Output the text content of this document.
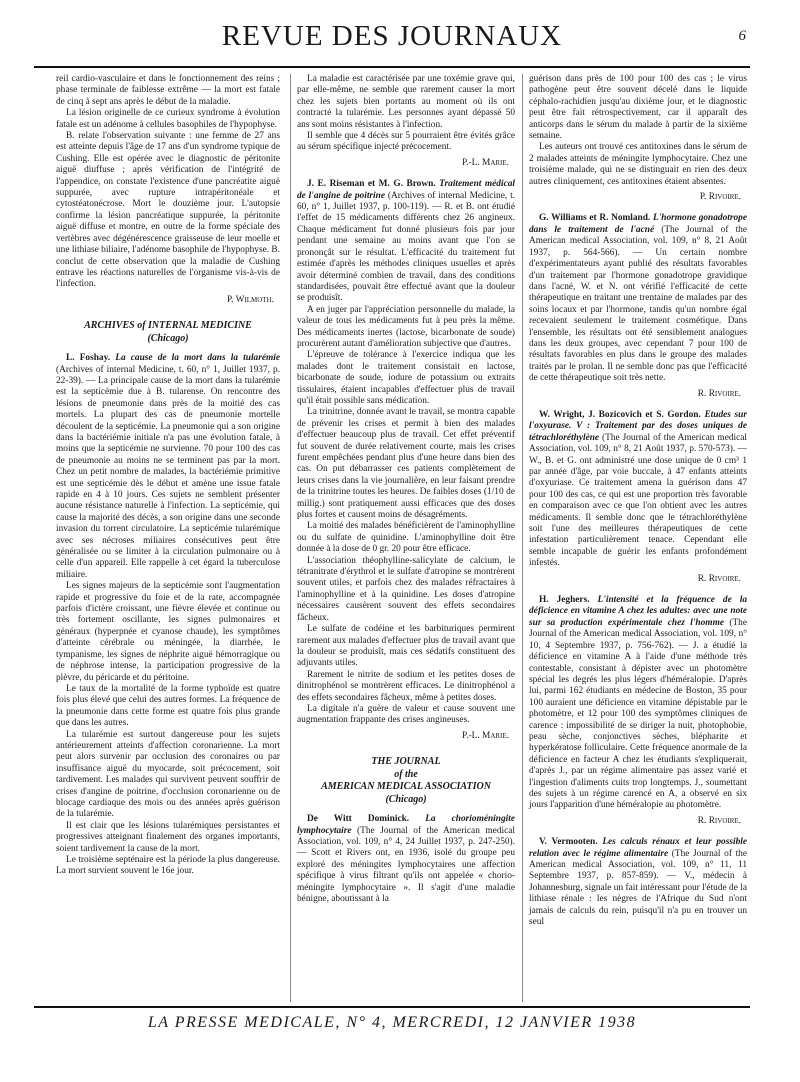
REVUE DES JOURNAUX	6

reil cardio-vasculaire et dans le fonctionnement des reins ; phase terminale de faiblesse extrême — la mort est fatale de cinq à sept ans après le début de la maladie.

La lésion originelle de ce curieux syndrome à évolution fatale est un adénome à cellules basophiles de l'hypophyse.

B. relate l'observation suivante : une femme de 27 ans est atteinte depuis l'âge de 17 ans d'un syndrome typique de Cushing. Elle est opérée avec le diagnostic de péritonite aiguë diuffuse ; après vérification de l'intégrité de l'appendice, on constate l'existence d'une pancréatite aiguë suppurée, avec rupture intrapéritonéale et cytostéatonécrose. Mort le douzième jour. L'autopsie confirme la lésion pancréatique suppurée, la péritonite aiguë diffuse et montre, en outre de la forme spéciale des vertèbres avec dégénérescence graisseuse de leur moelle et une lithiase biliaire, l'adénome basophile de l'hypophyse. B. conclut de cette observation que la maladie de Cushing entrave les réactions naturelles de l'organisme vis-à-vis de l'infection.

P. Wilmoth.

ARCHIVES of INTERNAL MEDICINE
(Chicago)

L. Foshay. La cause de la mort dans la tularémie (Archives of internal Medicine, t. 60, n° 1, Juillet 1937, p. 22-39). — La principale cause de la mort dans la tularémie est la septicémie due à B. tularense. On rencontre des lésions de pneumonie dans près de la moitié des cas mortels. La plupart des cas de pneumonie mortelle découlent de la septicémie. La pneumonie qui a son origine dans la bactériémie initiale n'a pas une évolution fatale, à moins que la septicémie ne survienne. 70 pour 100 des cas de pneumonie au moins ne se terminent pas par la mort. Chez un petit nombre de malades, la bactériémie primitive est une septicémie dès le début et amène une issue fatale rapide en 4 à 10 jours. Ces sujets ne semblent présenter aucune résistance naturelle à l'infection. La septicémie, qui cause la majorité des décès, a son origine dans une seconde invasion du torrent circulatoire. La septicémie tularémique avec ses nécroses miliaires consécutives peut être généralisée ou se limiter à la circulation pulmonaire ou à celle d'un appareil. Elle rappelle à cet égard la tuberculose miliaire.

Les signes majeurs de la septicémie sont l'augmentation rapide et progressive du foie et de la rate, accompagnée parfois d'ictère croissant, une fièvre élevée et continue ou très fortement oscillante, les signes pulmonaires et généraux (hyperpnée et cyanose chaude), les symptômes d'atteinte cérébrale ou méningée, la diarrhée, le tympanisme, les signes de néphrite aiguë hémorragique ou de néphrose intense, la participation progressive de la plèvre, du péricarde et du péritoine.

Le taux de la mortalité de la forme typhoïde est quatre fois plus élevé que celui des autres formes. La fréquence de la pneumonie dans cette forme est quatre fois plus grande que dans les autres.

La tularémie est surtout dangereuse pour les sujets antérieurement atteints d'affection coronarienne. La mort peut alors survenir par occlusion des coronaires ou par insuffisance aiguë du myocarde, soit précocement, soit tardivement. Les malades qui survivent peuvent souffrir de crises d'angine de poitrine, d'occlusion coronarienne ou de blocage cardiaque des mois ou des années après guérison de la tularémie.

Il est clair que les lésions tularémiques persistantes et progressives atteignant finalement des organes importants, soient tardivement la cause de la mort.

Le troisième septénaire est la période la plus dangereuse. La mort survient souvent le 16e jour.

La maladie est caractérisée par une toxémie grave qui, par elle-même, ne semble que rarement causer la mort chez les sujets bien portants au moment où ils ont contracté la tularémie. Les personnes ayant dépassé 50 ans sont moins résistantes à l'infection.

Il semble que 4 décès sur 5 pourraient être évités grâce au sérum spécifique injecté précocement.

P.-L. Marie.

J. E. Riseman et M. G. Brown. Traitement médical de l'angine de poitrine (Archives of internal Medicine, t. 60, n° 1, Juillet 1937, p. 100-119). — R. et B. ont étudié l'effet de 15 médicaments différents chez 26 angineux. Chaque médicament fut donné plusieurs fois par jour pendant une semaine au moins avant que l'on se prononçât sur le résultat. L'efficacité du traitement fut estimée d'après les méthodes cliniques usuelles et après avoir déterminé combien de travail, dans des conditions standardisées, pouvait être effectué avant que la douleur se produisît.

A en juger par l'appréciation personnelle du malade, la valeur de tous les médicaments fut à peu près la même. Des médicaments inertes (lactose, bicarbonate de soude) procurèrent autant d'amélioration subjective que d'autres.

L'épreuve de tolérance à l'exercice indiqua que les malades dont le traitement consistait en lactose, bicarbonate de soude, iodure de potassium ou extraits tissulaires, étaient incapables d'effectuer plus de travail qu'il était possible sans médication.

La trinitrine, donnée avant le travail, se montra capable de prévenir les crises et permit à bien des malades d'effectuer beaucoup plus de travail. Cet effet préventif fut souvent de durée relativement courte, mais les crises furent empêchées pendant plus d'une heure dans bien des cas. On put débarrasser ces patients complètement de leurs crises dans la vie journalière, en leur faisant prendre de la trinitrine toutes les heures. De faibles doses (1/10 de millig.) sont pratiquement aussi efficaces que des doses plus fortes et causent moins de désagréments.

La moitié des malades bénéficièrent de l'aminophylline ou du sulfate de quinidine. L'aminophylline doit être donnée à la dose de 0 gr. 20 pour être efficace.

L'association théophylline-salicylate de calcium, le tétranitrate d'érythrol et le sulfate d'atropine se montrèrent souvent utiles, et parfois chez des malades réfractaires à l'aminophylline et à la quinidine. Les doses d'atropine nécessaires causèrent souvent des effets secondaires fâcheux.

Le sulfate de codéine et les barbituriques permirent rarement aux malades d'effectuer plus de travail avant que la douleur se produisît, mais ces sédatifs constituent des adjuvants utiles.

Rarement le nitrite de sodium et les petites doses de dinitrophénol se montrèrent efficaces. Le dinitrophénol a des effets secondaires fâcheux, même à petites doses.

La digitale n'a guère de valeur et cause souvent une augmentation frappante des crises angineuses.

P.-L. Marie.

THE JOURNAL
of the
AMERICAN MEDICAL ASSOCIATION
(Chicago)

De Witt Dominick. La chorioméningite lymphocytaire (The Journal of the American medical Association, vol. 109, n° 4, 24 Juillet 1937, p. 247-250). — Scott et Rivers ont, en 1936, isolé du groupe peu exploré des méningites lymphocytaires une affection spécifique à virus filtrant qu'ils ont appelée « chorio-méningite lymphocytaire ». Il s'agit d'une maladie bénigne, aboutissant à la

guérison dans près de 100 pour 100 des cas ; le virus pathogène peut être souvent décelé dans le liquide céphalo-rachidien jusqu'au dixième jour, et le diagnostic peut être fait rétrospectivement, car il apparaît des anticorps dans le sérum du malade à partir de la sixième semaine.

Les auteurs ont trouvé ces antitoxines dans le sérum de 2 malades atteints de méningite lymphocytaire. Chez une troisième malade, qui ne se distinguait en rien des deux autres cliniquement, ces antitoxines étaient absentes.

P. Rivoire.

G. Williams et R. Nomland. L'hormone gonadotrope dans le traitement de l'acné (The Journal of the American medical Association, vol. 109, n° 8, 21 Août 1937, p. 564-566). — Un certain nombre d'expérimentateurs ayant publié des résultats favorables d'un traitement par l'hormone gonadotrope gravidique dans l'acné, W. et N. ont vérifié l'efficacité de cette thérapeutique en traitant une trentaine de malades par des soins locaux et par l'hormone, tandis qu'un nombre égal recevaient seulement le traitement cosmétique. Dans l'ensemble, les résultats ont été sensiblement analogues dans les deux groupes, avec cependant 7 pour 100 de résultats favorables en plus dans le groupe des malades traités par le prolan. Il ne semble donc pas que l'efficacité de cette thérapeutique soit très nette.

R. Rivoire.

W. Wright, J. Bozicovich et S. Gordon. Etudes sur l'oxyurase. V : Traitement par des doses uniques de tétrachloréthylène (The Journal of the American medical Association, vol. 109, n° 8, 21 Août 1937, p. 570-573). — W., B. et G. ont administré une dose unique de 0 cm³ 1 par année d'âge, par voie buccale, à 47 enfants atteints d'oxyuriase. Ce traitement amena la guérison dans 47 pour 100 des cas, ce qui est une proportion très favorable en comparaison avec ce que l'on obtient avec les autres médicaments. Il semble donc que le tétrachloréthylène soit l'une des meilleures thérapeutiques de cette infestation particulièrement tenace. Cependant elle semble incapable de guérir les enfants profondément infestés.

R. Rivoire.

H. Jeghers. L'intensité et la fréquence de la déficience en vitamine A chez les adultes: avec une note sur sa production expérimentale chez l'homme (The Journal of the American medical Association, vol. 109, n° 10, 4 Septembre 1937, p. 756-762). — J. a étudié la déficience en vitamine A à l'aide d'une méthode très contestable, consistant à dépister avec un photomètre spécial les degrés les plus légers d'héméralopie. D'après lui, parmi 162 étudiants en médecine de Boston, 35 pour 100 auraient une déficience en vitamine dépistable par le photomètre, et 12 pour 100 des symptômes cliniques de carence : impossibilité de se diriger la nuit, photophobie, peau sèche, conjonctives sèches, blépharite et hyperkératose folliculaire. Cette fréquence anormale de la déficience en facteur A chez les étudiants s'expliquerait, d'après J., par un régime alimentaire pas assez varié et l'ingestion d'aliments cuits trop longtemps. J., soumettant des sujets à un régime carencé en A, a observé en six jours l'apparition d'une héméralopie au photomètre.

R. Rivoire.

V. Vermooten. Les calculs rénaux et leur possible relation avec le régime alimentaire (The Journal of the American medical Association, vol. 109, n° 11, 11 Septembre 1937, p. 857-859). — V., médecin à Johannesburg, signale un fait intéressant pour l'étude de la lithiase rénale : les nègres de l'Afrique du Sud n'ont jamais de calculs du rein, puisqu'il n'a pu en trouver un seul

LA PRESSE MEDICALE, N° 4, MERCREDI, 12 JANVIER 1938
